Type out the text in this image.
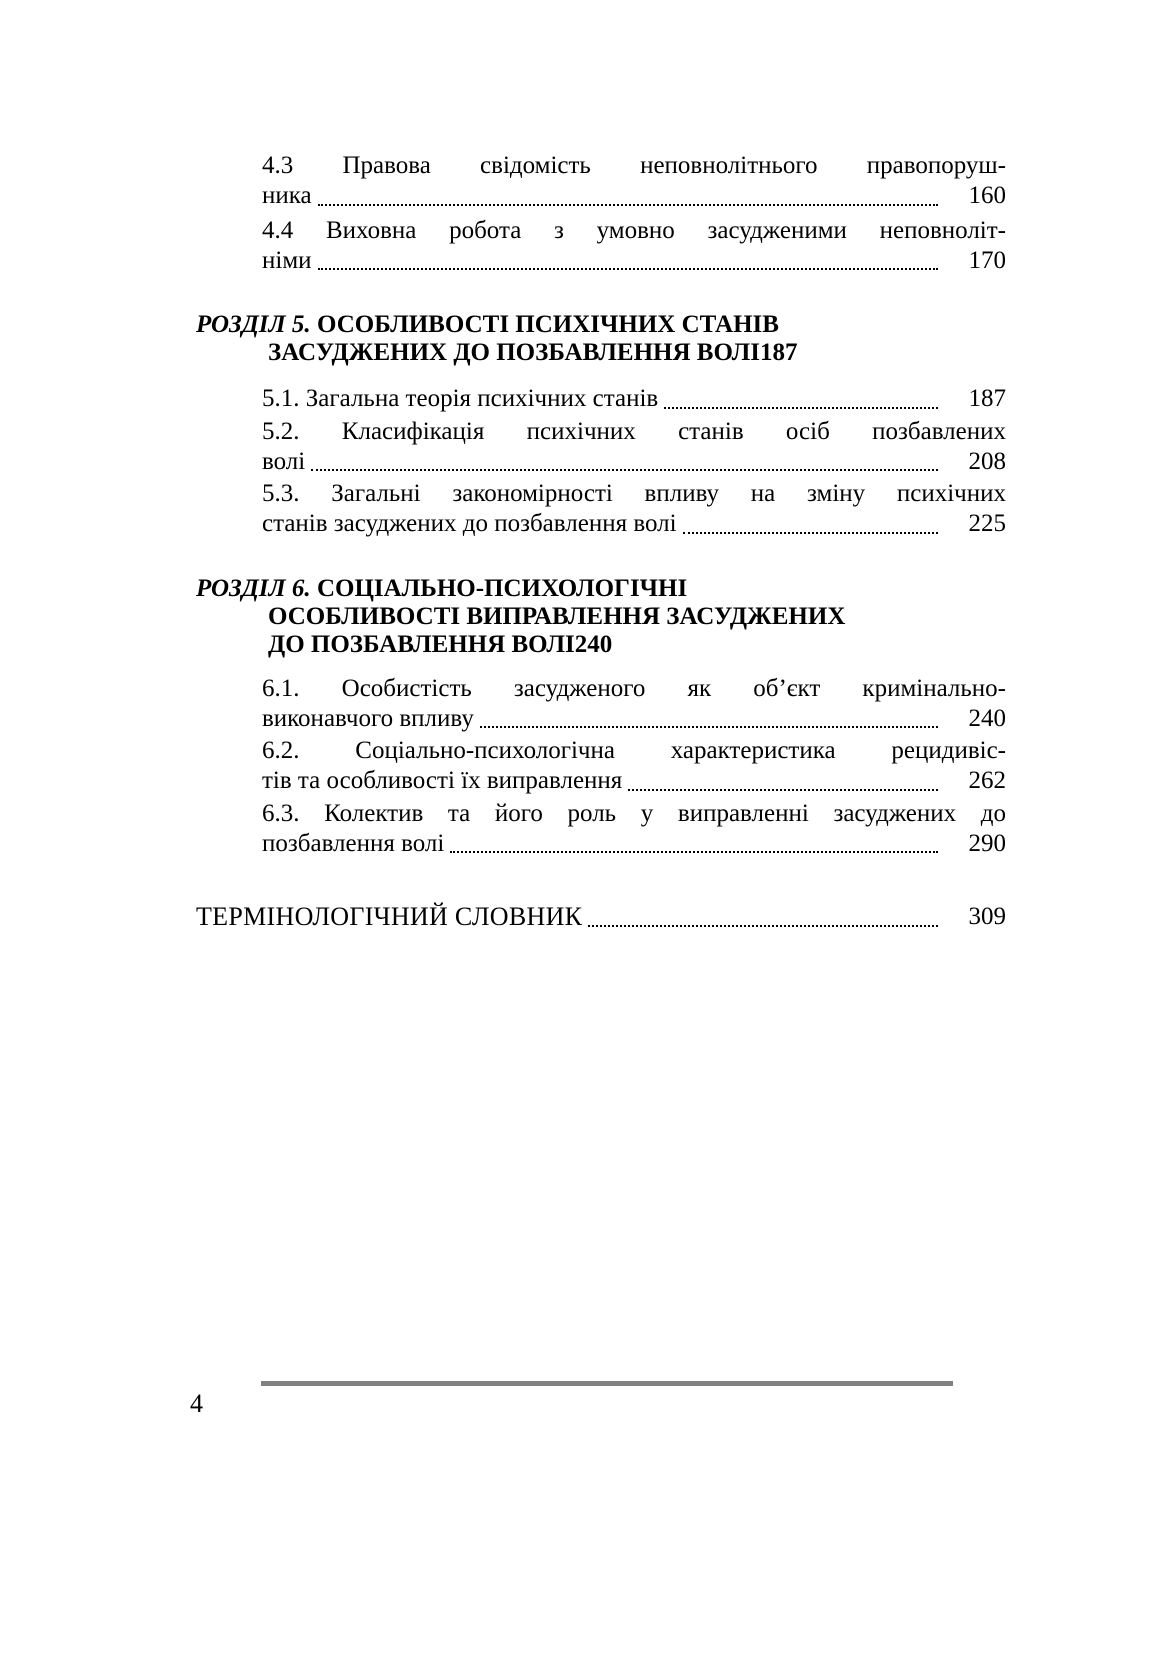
4.3 Правова свідомість неповнолітнього правопоруш-
ника	160
4.4 Виховна робота з умовно засудженими неповноліт-
німи	170
РОЗДІЛ 5.
ОСОБЛИВОСТІ ПСИХІЧНИХ СТАНІВ
ЗАСУДЖЕНИХ ДО ПОЗБАВЛЕННЯ ВОЛІ 187
5.1. Загальна теорія психічних станів	187
5.2. Класифікація психічних станів осіб позбавлених
волі	208
5.3. Загальні закономірності впливу на зміну психічних
станів засуджених до позбавлення волі	225
РОЗДІЛ 6.
СОЦІАЛЬНО-ПСИХОЛОГІЧНІ
ОСОБЛИВОСТІ ВИПРАВЛЕННЯ ЗАСУДЖЕНИХ
ДО ПОЗБАВЛЕННЯ ВОЛІ 240
6.1. Особистість засудженого як об’єкт кримінально-
виконавчого впливу	240
6.2. Соціально-психологічна характеристика рецидивіс-
тів та особливості їх виправлення	262
6.3. Колектив та його роль у виправленні засуджених до
позбавлення волі	290
ТЕРМІНОЛОГІЧНИЙ СЛОВНИК	309
4
